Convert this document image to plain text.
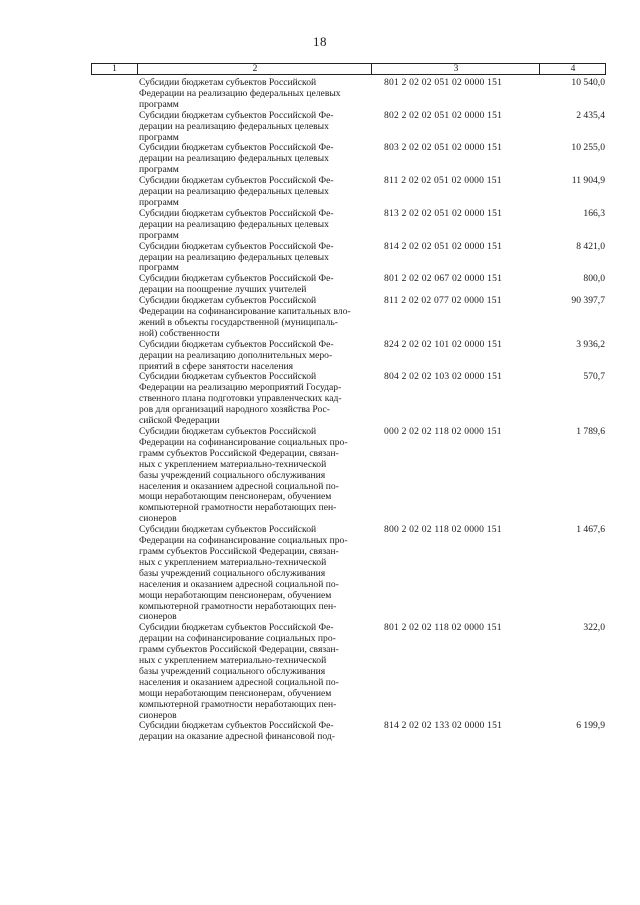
18
1	2	3	4
Субсидии бюджетам субъектов Российской
Федерации на реализацию федеральных целевых
программ
801 2 02 02 051 02 0000 151	10 540,0
Субсидии бюджетам субъектов Российской Фе-
дерации на реализацию федеральных целевых
программ
802 2 02 02 051 02 0000 151	2 435,4
Субсидии бюджетам субъектов Российской Фе-
дерации на реализацию федеральных целевых
программ
803 2 02 02 051 02 0000 151	10 255,0
Субсидии бюджетам субъектов Российской Фе-
дерации на реализацию федеральных целевых
программ
811 2 02 02 051 02 0000 151	11 904,9
Субсидии бюджетам субъектов Российской Фе-
дерации на реализацию федеральных целевых
программ
813 2 02 02 051 02 0000 151	166,3
Субсидии бюджетам субъектов Российской Фе-
дерации на реализацию федеральных целевых
программ
814 2 02 02 051 02 0000 151	8 421,0
Субсидии бюджетам субъектов Российской Фе-
дерации на поощрение лучших учителей
801 2 02 02 067 02 0000 151	800,0
Субсидии бюджетам субъектов Российской
Федерации на софинансирование капитальных вло-
жений в объекты государственной (муниципаль-
ной) собственности
811 2 02 02 077 02 0000 151	90 397,7
Субсидии бюджетам субъектов Российской Фе-
дерации на реализацию дополнительных меро-
приятий в сфере занятости населения
824 2 02 02 101 02 0000 151	3 936,2
Субсидии бюджетам субъектов Российской
Федерации на реализацию мероприятий Государ-
ственного плана подготовки управленческих кад-
ров для организаций народного хозяйства Рос-
сийской Федерации
804 2 02 02 103 02 0000 151	570,7
Субсидии бюджетам субъектов Российской
Федерации на софинансирование социальных про-
грамм субъектов Российской Федерации, связан-
ных с укреплением материально-технической
базы учреждений социального обслуживания
населения и оказанием адресной социальной по-
мощи неработающим пенсионерам, обучением
компьютерной грамотности неработающих пен-
сионеров
000 2 02 02 118 02 0000 151	1 789,6
Субсидии бюджетам субъектов Российской
Федерации на софинансирование социальных про-
грамм субъектов Российской Федерации, связан-
ных с укреплением материально-технической
базы учреждений социального обслуживания
населения и оказанием адресной социальной по-
мощи неработающим пенсионерам, обучением
компьютерной грамотности неработающих пен-
сионеров
800 2 02 02 118 02 0000 151	1 467,6
Субсидии бюджетам субъектов Российской Фе-
дерации на софинансирование социальных про-
грамм субъектов Российской Федерации, связан-
ных с укреплением материально-технической
базы учреждений социального обслуживания
населения и оказанием адресной социальной по-
мощи неработающим пенсионерам, обучением
компьютерной грамотности неработающих пен-
сионеров
801 2 02 02 118 02 0000 151	322,0
Субсидии бюджетам субъектов Российской Фе-
дерации на оказание адресной финансовой под-
814 2 02 02 133 02 0000 151	6 199,9
